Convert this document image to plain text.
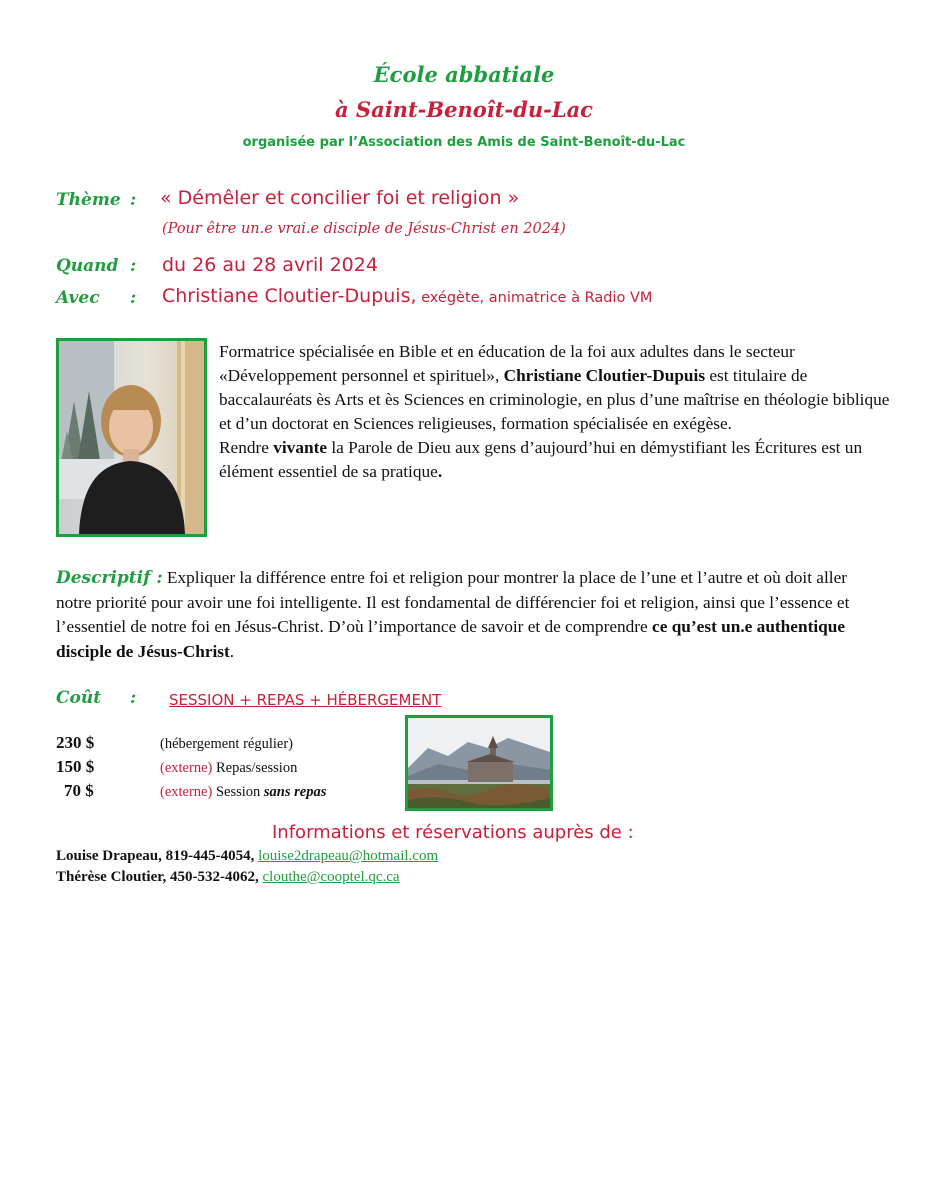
École abbatiale
à Saint-Benoît-du-Lac
organisée par l’Association des Amis de Saint-Benoît-du-Lac
Thème : « Démêler et concilier foi et religion »
(Pour être un.e vrai.e disciple de Jésus-Christ en 2024)
Quand : du 26 au 28 avril 2024
Avec : Christiane Cloutier-Dupuis, exégète, animatrice à Radio VM
Formatrice spécialisée en Bible et en éducation de la foi aux adultes dans le secteur «Développement personnel et spirituel», Christiane Cloutier-Dupuis est titulaire de baccalauréats ès Arts et ès Sciences en criminologie, en plus d’une maîtrise en théologie biblique et d’un doctorat en Sciences religieuses, formation spécialisée en exégèse.
Rendre vivante la Parole de Dieu aux gens d’aujourd’hui en démystifiant les Écritures est un élément essentiel de sa pratique.
Descriptif : Expliquer la différence entre foi et religion pour montrer la place de l’une et l’autre et où doit aller notre priorité pour avoir une foi intelligente. Il est fondamental de différencier foi et religion, ainsi que l’essence et l’essentiel de notre foi en Jésus-Christ. D’où l’importance de savoir et de comprendre ce qu’est un.e authentique disciple de Jésus-Christ.
Coût : SESSION + REPAS + HÉBERGEMENT
230 $	(hébergement régulier)
150 $	(externe) Repas/session
70 $	(externe) Session sans repas
Informations et réservations auprès de :
Louise Drapeau, 819-445-4054, louise2drapeau@hotmail.com
Thérèse Cloutier, 450-532-4062, clouthe@cooptel.qc.ca
